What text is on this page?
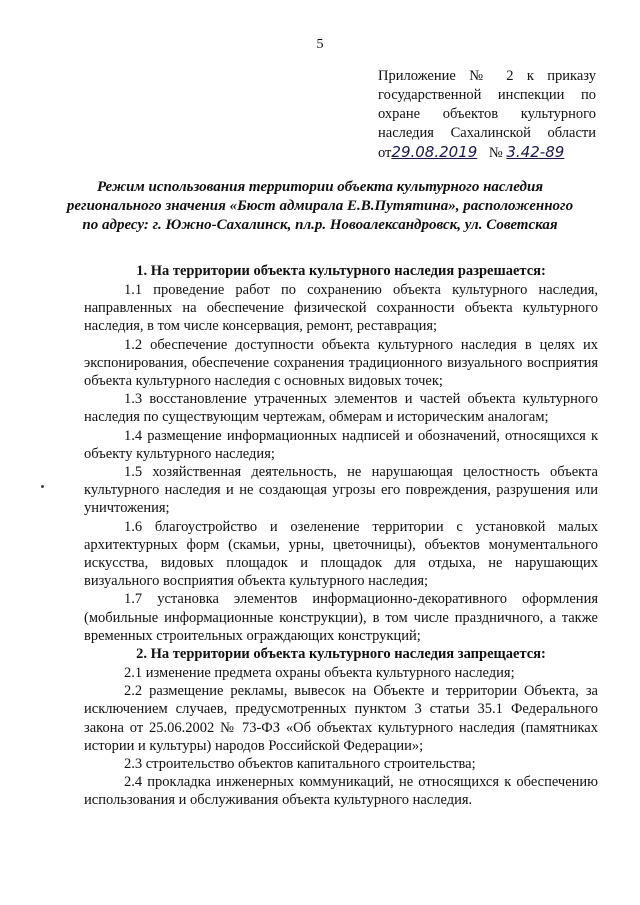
5
Приложение № 2 к приказу
государственной инспекции по
охране объектов культурного
наследия Сахалинской области
от29.08.2019 № 3.42-89
Режим использования территории объекта культурного наследия регионального значения «Бюст адмирала Е.В.Путятина», расположенного по адресу: г. Южно-Сахалинск, пл.р. Новоалександровск, ул. Советская
1. На территории объекта культурного наследия разрешается:

1.1 проведение работ по сохранению объекта культурного наследия, направленных на обеспечение физической сохранности объекта культурного наследия, в том числе консервация, ремонт, реставрация;

1.2 обеспечение доступности объекта культурного наследия в целях их экспонирования, обеспечение сохранения традиционного визуального восприятия объекта культурного наследия с основных видовых точек;

1.3 восстановление утраченных элементов и частей объекта культурного наследия по существующим чертежам, обмерам и историческим аналогам;

1.4 размещение информационных надписей и обозначений, относящихся к объекту культурного наследия;

1.5 хозяйственная деятельность, не нарушающая целостность объекта культурного наследия и не создающая угрозы его повреждения, разрушения или уничтожения;

1.6 благоустройство и озеленение территории с установкой малых архитектурных форм (скамьи, урны, цветочницы), объектов монументального искусства, видовых площадок и площадок для отдыха, не нарушающих визуального восприятия объекта культурного наследия;

1.7 установка элементов информационно-декоративного оформления (мобильные информационные конструкции), в том числе праздничного, а также временных строительных ограждающих конструкций;

2. На территории объекта культурного наследия запрещается:

2.1 изменение предмета охраны объекта культурного наследия;

2.2 размещение рекламы, вывесок на Объекте и территории Объекта, за исключением случаев, предусмотренных пунктом 3 статьи 35.1 Федерального закона от 25.06.2002 № 73-ФЗ «Об объектах культурного наследия (памятниках истории и культуры) народов Российской Федерации»;

2.3 строительство объектов капитального строительства;

2.4 прокладка инженерных коммуникаций, не относящихся к обеспечению использования и обслуживания объекта культурного наследия.
